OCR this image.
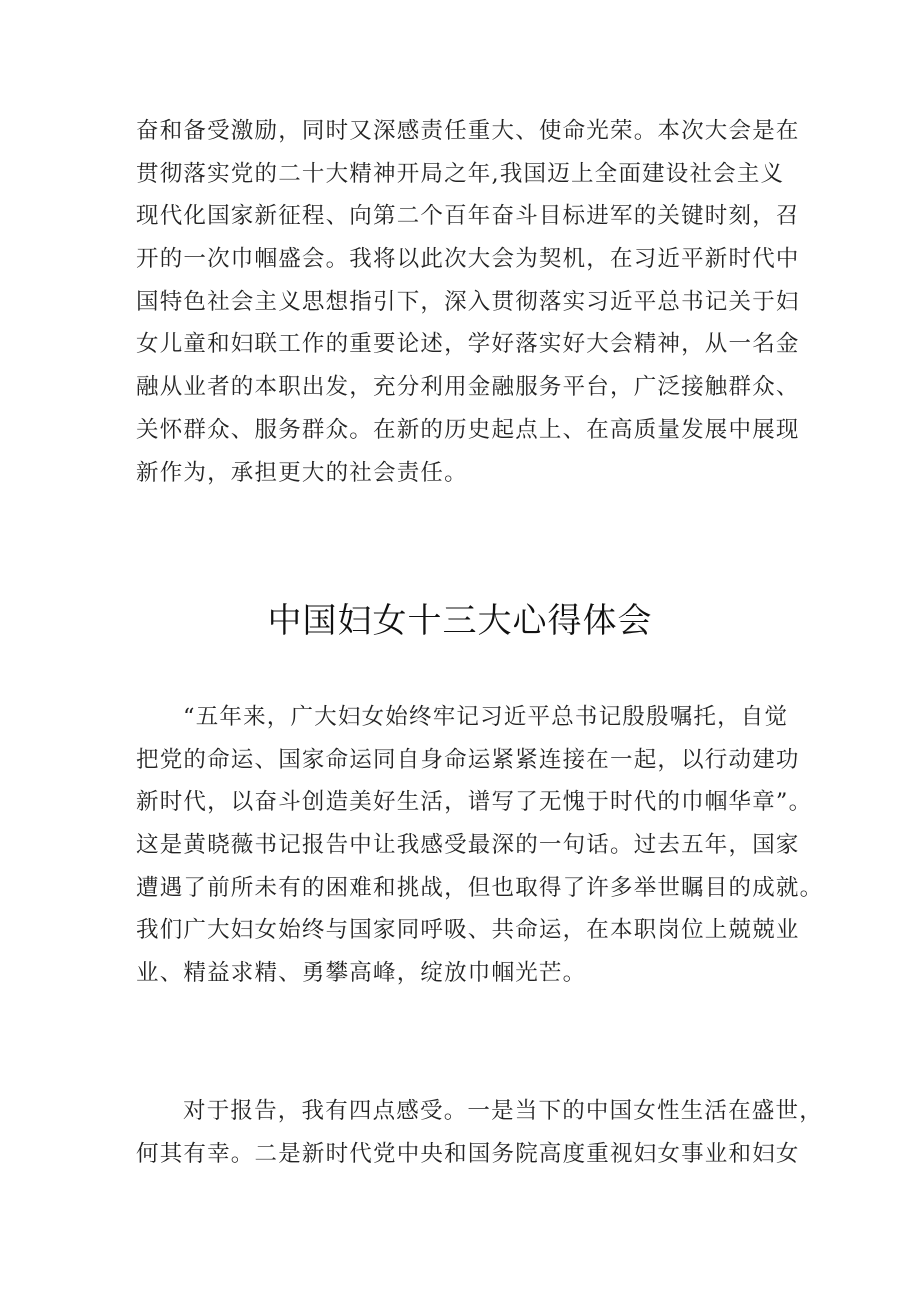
奋和备受激励，同时又深感责任重大、使命光荣。本次大会是在
贯彻落实党的二十大精神开局之年,我国迈上全面建设社会主义
现代化国家新征程、向第二个百年奋斗目标进军的关键时刻，召
开的一次巾帼盛会。我将以此次大会为契机，在习近平新时代中
国特色社会主义思想指引下，深入贯彻落实习近平总书记关于妇
女儿童和妇联工作的重要论述，学好落实好大会精神，从一名金
融从业者的本职出发，充分利用金融服务平台，广泛接触群众、
关怀群众、服务群众。在新的历史起点上、在高质量发展中展现
新作为，承担更大的社会责任。
中国妇女十三大心得体会
“五年来，广大妇女始终牢记习近平总书记殷殷嘱托，自觉
把党的命运、国家命运同自身命运紧紧连接在一起，以行动建功
新时代，以奋斗创造美好生活，谱写了无愧于时代的巾帼华章”。
这是黄晓薇书记报告中让我感受最深的一句话。过去五年，国家
遭遇了前所未有的困难和挑战，但也取得了许多举世瞩目的成就。
我们广大妇女始终与国家同呼吸、共命运，在本职岗位上兢兢业
业、精益求精、勇攀高峰，绽放巾帼光芒。
对于报告，我有四点感受。一是当下的中国女性生活在盛世，
何其有幸。二是新时代党中央和国务院高度重视妇女事业和妇女
